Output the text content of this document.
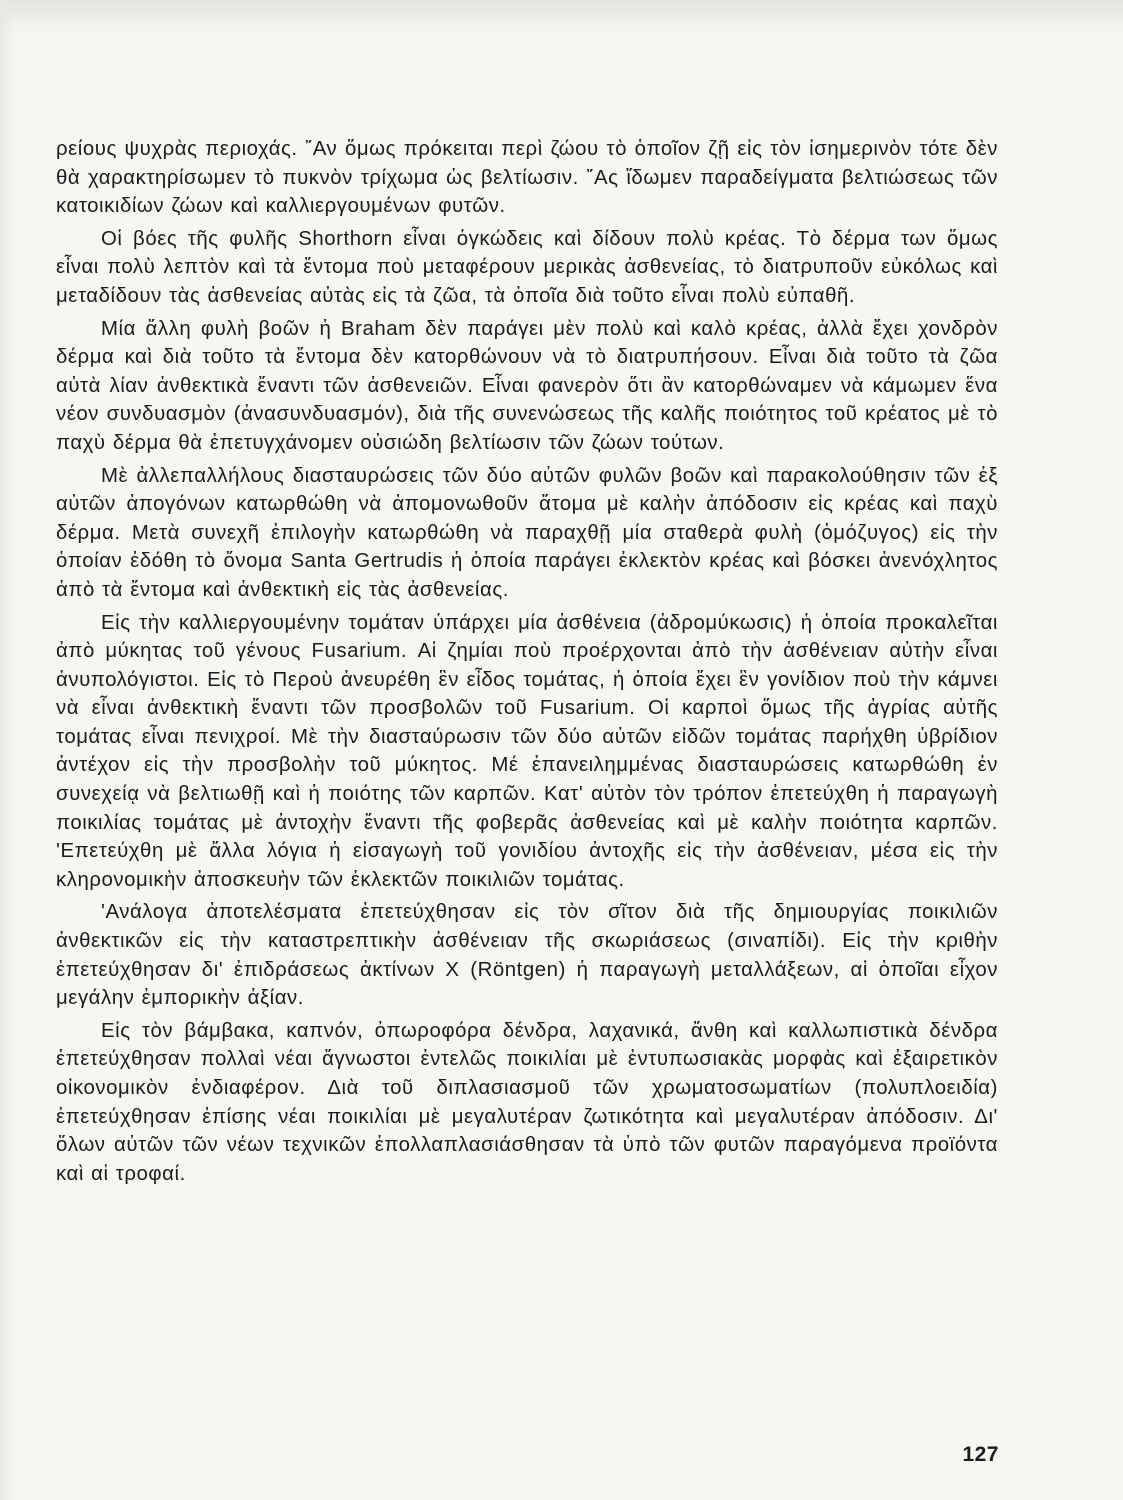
ρείους ψυχρὰς περιοχάς. ῎Αν ὅμως πρόκειται περὶ ζώου τὸ ὁποῖον ζῇ εἰς τὸν ἰσημερινὸν τότε δὲν θὰ χαρακτηρίσωμεν τὸ πυκνὸν τρίχωμα ὡς βελτίωσιν. ῎Ας ἴδωμεν παραδείγματα βελτιώσεως τῶν κατοικιδίων ζώων καὶ καλλιεργουμένων φυτῶν.

Οἱ βόες τῆς φυλῆς Shorthorn εἶναι ὀγκώδεις καὶ δίδουν πολὺ κρέας. Τὸ δέρμα των ὅμως εἶναι πολὺ λεπτὸν καὶ τὰ ἔντομα ποὺ μεταφέρουν μερικὰς ἀσθενείας, τὸ διατρυποῦν εὐκόλως καὶ μεταδίδουν τὰς ἀσθενείας αὐτὰς εἰς τὰ ζῶα, τὰ ὁποῖα διὰ τοῦτο εἶναι πολὺ εὐπαθῆ.

Μία ἄλλη φυλὴ βοῶν ἡ Braham δὲν παράγει μὲν πολὺ καὶ καλὸ κρέας, ἀλλὰ ἔχει χονδρὸν δέρμα καὶ διὰ τοῦτο τὰ ἔντομα δὲν κατορθώνουν νὰ τὸ διατρυπήσουν. Εἶναι διὰ τοῦτο τὰ ζῶα αὐτὰ λίαν ἀνθεκτικὰ ἔναντι τῶν ἀσθενειῶν. Εἶναι φανερὸν ὅτι ἂν κατορθώναμεν νὰ κάμωμεν ἕνα νέον συνδυασμὸν (ἀνασυνδυασμόν), διὰ τῆς συνενώσεως τῆς καλῆς ποιότητος τοῦ κρέατος μὲ τὸ παχὺ δέρμα θὰ ἐπετυγχάνομεν οὐσιώδη βελτίωσιν τῶν ζώων τούτων.

Μὲ ἀλλεπαλλήλους διασταυρώσεις τῶν δύο αὐτῶν φυλῶν βοῶν καὶ παρακολούθησιν τῶν ἐξ αὐτῶν ἀπογόνων κατωρθώθη νὰ ἀπομονωθοῦν ἄτομα μὲ καλὴν ἀπόδοσιν εἰς κρέας καὶ παχὺ δέρμα. Μετὰ συνεχῆ ἐπιλογὴν κατωρθώθη νὰ παραχθῇ μία σταθερὰ φυλὴ (ὁμόζυγος) εἰς τὴν ὁποίαν ἐδόθη τὸ ὄνομα Santa Gertrudis ἡ ὁποία παράγει ἐκλεκτὸν κρέας καὶ βόσκει ἀνενόχλητος ἀπὸ τὰ ἔντομα καὶ ἀνθεκτικὴ εἰς τὰς ἀσθενείας.

Εἰς τὴν καλλιεργουμένην τομάταν ὑπάρχει μία ἀσθένεια (ἀδρομύκωσις) ἡ ὁποία προκαλεῖται ἀπὸ μύκητας τοῦ γένους Fusarium. Αἱ ζημίαι ποὺ προέρχονται ἀπὸ τὴν ἀσθένειαν αὐτὴν εἶναι ἀνυπολόγιστοι. Εἰς τὸ Περοὺ ἀνευρέθη ἓν εἶδος τομάτας, ἡ ὁποία ἔχει ἓν γονίδιον ποὺ τὴν κάμνει νὰ εἶναι ἀνθεκτικὴ ἔναντι τῶν προσβολῶν τοῦ Fusarium. Οἱ καρποὶ ὅμως τῆς ἀγρίας αὐτῆς τομάτας εἶναι πενιχροί. Μὲ τὴν διασταύρωσιν τῶν δύο αὐτῶν εἰδῶν τομάτας παρήχθη ὑβρίδιον ἀντέχον εἰς τὴν προσβολὴν τοῦ μύκητος. Μέ ἐπανειλημμένας διασταυρώσεις κατωρθώθη ἐν συνεχείᾳ νὰ βελτιωθῇ καὶ ἡ ποιότης τῶν καρπῶν. Κατ' αὐτὸν τὸν τρόπον ἐπετεύχθη ἡ παραγωγὴ ποικιλίας τομάτας μὲ ἀντοχὴν ἔναντι τῆς φοβερᾶς ἀσθενείας καὶ μὲ καλὴν ποιότητα καρπῶν. 'Επετεύχθη μὲ ἄλλα λόγια ἡ εἰσαγωγὴ τοῦ γονιδίου ἀντοχῆς εἰς τὴν ἀσθένειαν, μέσα εἰς τὴν κληρονομικὴν ἀποσκευὴν τῶν ἐκλεκτῶν ποικιλιῶν τομάτας.

'Ανάλογα ἀποτελέσματα ἐπετεύχθησαν εἰς τὸν σῖτον διὰ τῆς δημιουργίας ποικιλιῶν ἀνθεκτικῶν εἰς τὴν καταστρεπτικὴν ἀσθένειαν τῆς σκωριάσεως (σιναπίδι). Εἰς τὴν κριθὴν ἐπετεύχθησαν δι' ἐπιδράσεως ἀκτίνων X (Röntgen) ἡ παραγωγὴ μεταλλάξεων, αἱ ὁποῖαι εἶχον μεγάλην ἐμπορικὴν ἀξίαν.

Εἰς τὸν βάμβακα, καπνόν, ὀπωροφόρα δένδρα, λαχανικά, ἄνθη καὶ καλλωπιστικὰ δένδρα ἐπετεύχθησαν πολλαὶ νέαι ἄγνωστοι ἐντελῶς ποικιλίαι μὲ ἐντυπωσιακὰς μορφὰς καὶ ἐξαιρετικὸν οἰκονομικὸν ἐνδιαφέρον. Διὰ τοῦ διπλασιασμοῦ τῶν χρωματοσωματίων (πολυπλοειδία) ἐπετεύχθησαν ἐπίσης νέαι ποικιλίαι μὲ μεγαλυτέραν ζωτικότητα καὶ μεγαλυτέραν ἀπόδοσιν. Δι' ὅλων αὐτῶν τῶν νέων τεχνικῶν ἐπολλαπλασιάσθησαν τὰ ὑπὸ τῶν φυτῶν παραγόμενα προϊόντα καὶ αἱ τροφαί.

127
